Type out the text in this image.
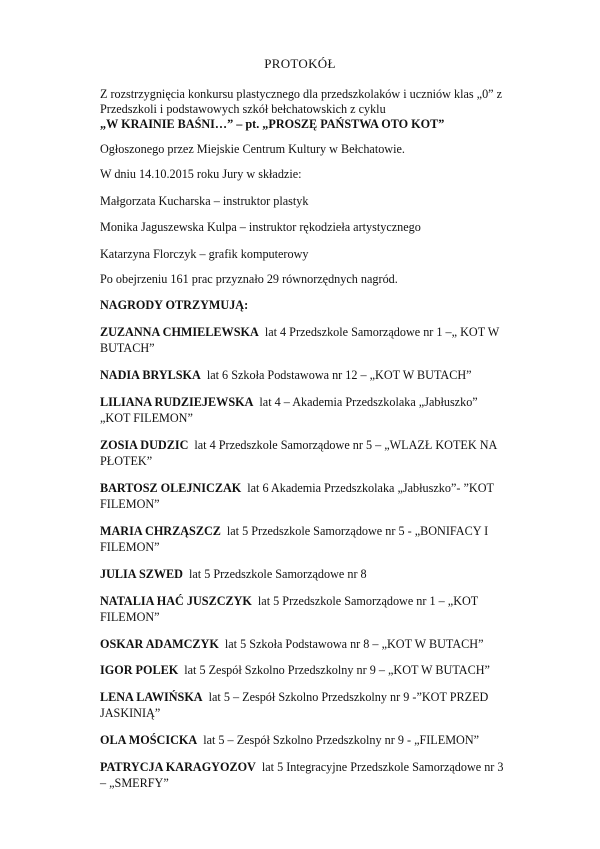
PROTOKÓŁ
Z rozstrzygnięcia konkursu plastycznego dla przedszkolaków i uczniów klas „0” z
Przedszkoli i podstawowych szkół bełchatowskich z cyklu
„W KRAINIE BAŚNI…” – pt. „PROSZĘ PAŃSTWA OTO KOT”
Ogłoszonego przez Miejskie Centrum Kultury w Bełchatowie.
W dniu 14.10.2015 roku Jury w składzie:
Małgorzata Kucharska – instruktor plastyk
Monika Jaguszewska Kulpa – instruktor rękodzieła artystycznego
Katarzyna Florczyk – grafik komputerowy
Po obejrzeniu 161 prac przyznało 29 równorzędnych nagród.
NAGRODY OTRZYMUJĄ:
ZUZANNA CHMIELEWSKA lat 4 Przedszkole Samorządowe nr 1 –„ KOT W
BUTACH”
NADIA BRYLSKA lat 6 Szkoła Podstawowa nr 12 – „KOT W BUTACH”
LILIANA RUDZIEJEWSKA lat 4 – Akademia Przedszkolaka „Jabłuszko”
„KOT FILEMON”
ZOSIA DUDZIC lat 4 Przedszkole Samorządowe nr 5 – „WLAZŁ KOTEK NA
PŁOTEK”
BARTOSZ OLEJNICZAK lat 6 Akademia Przedszkolaka „Jabłuszko”- ”KOT
FILEMON”
MARIA CHRZĄSZCZ lat 5 Przedszkole Samorządowe nr 5 - „BONIFACY I
FILEMON”
JULIA SZWED lat 5 Przedszkole Samorządowe nr 8
NATALIA HAĆ JUSZCZYK lat 5 Przedszkole Samorządowe nr 1 – „KOT
FILEMON”
OSKAR ADAMCZYK lat 5 Szkoła Podstawowa nr 8 – „KOT W BUTACH”
IGOR POLEK lat 5 Zespół Szkolno Przedszkolny nr 9 – „KOT W BUTACH”
LENA LAWIŃSKA lat 5 – Zespół Szkolno Przedszkolny nr 9 -”KOT PRZED
JASKINIĄ”
OLA MOŚCICKA lat 5 – Zespół Szkolno Przedszkolny nr 9 - „FILEMON”
PATRYCJA KARAGYOZOV lat 5 Integracyjne Przedszkole Samorządowe nr 3
– „SMERFY”
